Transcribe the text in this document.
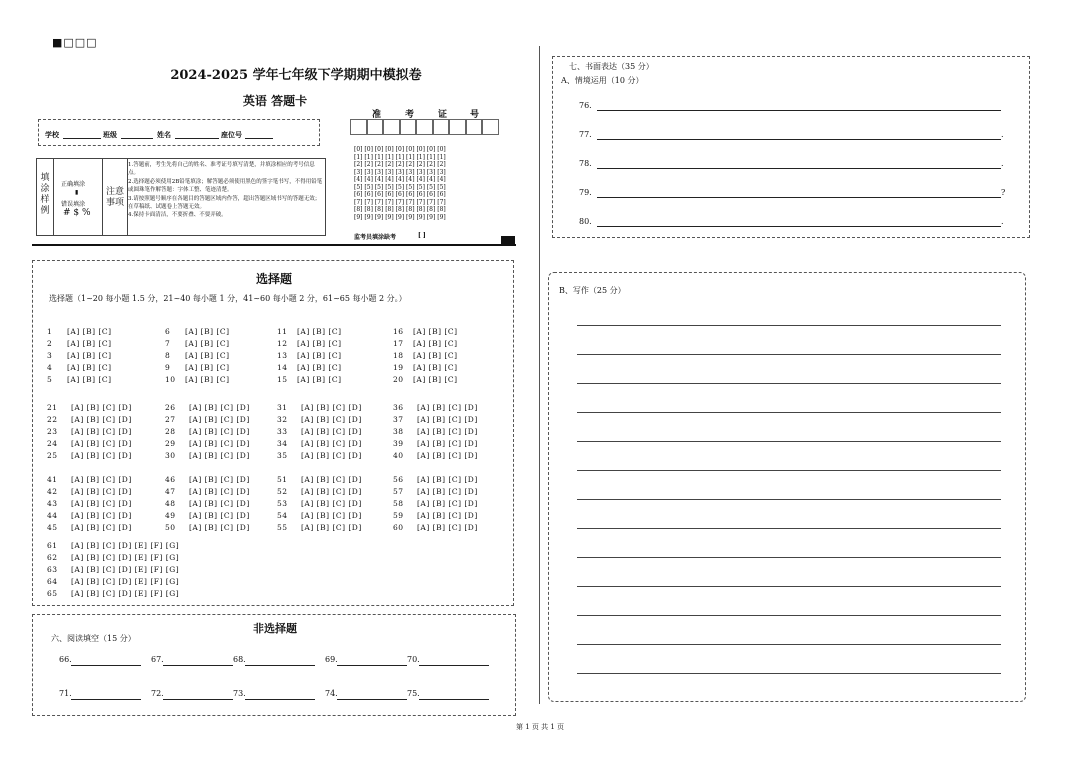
■□□□
2024-2025 学年七年级下学期期中模拟卷
英语 答题卡
学校	班级	姓名	座位号
准	考	证	号
[0] [0] [0] [0] [0] [0] [0] [0] [0]
[1] [1] [1] [1] [1] [1] [1] [1] [1]
[2] [2] [2] [2] [2] [2] [2] [2] [2]
[3] [3] [3] [3] [3] [3] [3] [3] [3]
[4] [4] [4] [4] [4] [4] [4] [4] [4]
[5] [5] [5] [5] [5] [5] [5] [5] [5]
[6] [6] [6] [6] [6] [6] [6] [6] [6]
[7] [7] [7] [7] [7] [7] [7] [7] [7]
[8] [8] [8] [8] [8] [8] [8] [8] [8]
[9] [9] [9] [9] [9] [9] [9] [9] [9]
监考员填涂缺考	[ ]
填涂样例
正确填涂
▮
错误填涂
# $ %
注意事项
1.答题前，考生先将自己的姓名、准考证号填写清楚，并填涂相应的考号信息点。
2.选择题必须使用2B铅笔填涂；解答题必须使用黑色的签字笔书写，不得用铅笔或圆珠笔作解答题：字体工整、笔迹清楚。
3.请按照题号顺序在各题目的答题区域内作答，超出答题区域书写的答题无效；在草稿纸、试题卷上答题无效。
4.保持卡面清洁，不要折叠、不要弄破。
选择题
选择题（1~20 每小题 1.5 分，21~40 每小题 1 分，41~60 每小题 2 分，61~65 每小题 2 分。）
1 [A] [B] [C]
2 [A] [B] [C]
3 [A] [B] [C]
4 [A] [B] [C]
5 [A] [B] [C]
6 [A] [B] [C]
7 [A] [B] [C]
8 [A] [B] [C]
9 [A] [B] [C]
10 [A] [B] [C]
11 [A] [B] [C]
12 [A] [B] [C]
13 [A] [B] [C]
14 [A] [B] [C]
15 [A] [B] [C]
16 [A] [B] [C]
17 [A] [B] [C]
18 [A] [B] [C]
19 [A] [B] [C]
20 [A] [B] [C]
21 [A] [B] [C] [D]
22 [A] [B] [C] [D]
23 [A] [B] [C] [D]
24 [A] [B] [C] [D]
25 [A] [B] [C] [D]
26 [A] [B] [C] [D]
27 [A] [B] [C] [D]
28 [A] [B] [C] [D]
29 [A] [B] [C] [D]
30 [A] [B] [C] [D]
31 [A] [B] [C] [D]
32 [A] [B] [C] [D]
33 [A] [B] [C] [D]
34 [A] [B] [C] [D]
35 [A] [B] [C] [D]
36 [A] [B] [C] [D]
37 [A] [B] [C] [D]
38 [A] [B] [C] [D]
39 [A] [B] [C] [D]
40 [A] [B] [C] [D]
41 [A] [B] [C] [D]
42 [A] [B] [C] [D]
43 [A] [B] [C] [D]
44 [A] [B] [C] [D]
45 [A] [B] [C] [D]
46 [A] [B] [C] [D]
47 [A] [B] [C] [D]
48 [A] [B] [C] [D]
49 [A] [B] [C] [D]
50 [A] [B] [C] [D]
51 [A] [B] [C] [D]
52 [A] [B] [C] [D]
53 [A] [B] [C] [D]
54 [A] [B] [C] [D]
55 [A] [B] [C] [D]
56 [A] [B] [C] [D]
57 [A] [B] [C] [D]
58 [A] [B] [C] [D]
59 [A] [B] [C] [D]
60 [A] [B] [C] [D]
61 [A] [B] [C] [D] [E] [F] [G]
62 [A] [B] [C] [D] [E] [F] [G]
63 [A] [B] [C] [D] [E] [F] [G]
64 [A] [B] [C] [D] [E] [F] [G]
65 [A] [B] [C] [D] [E] [F] [G]
非选择题
六、阅读填空（15 分）
66.	67.	68.	69.	70.
71.	72.	73.	74.	75.
七、书面表达（35 分）
A、情境运用（10 分）
76.
77.	.
78.	.
79.	?
80.	.
B、写作（25 分）
第 1 页 共 1 页
